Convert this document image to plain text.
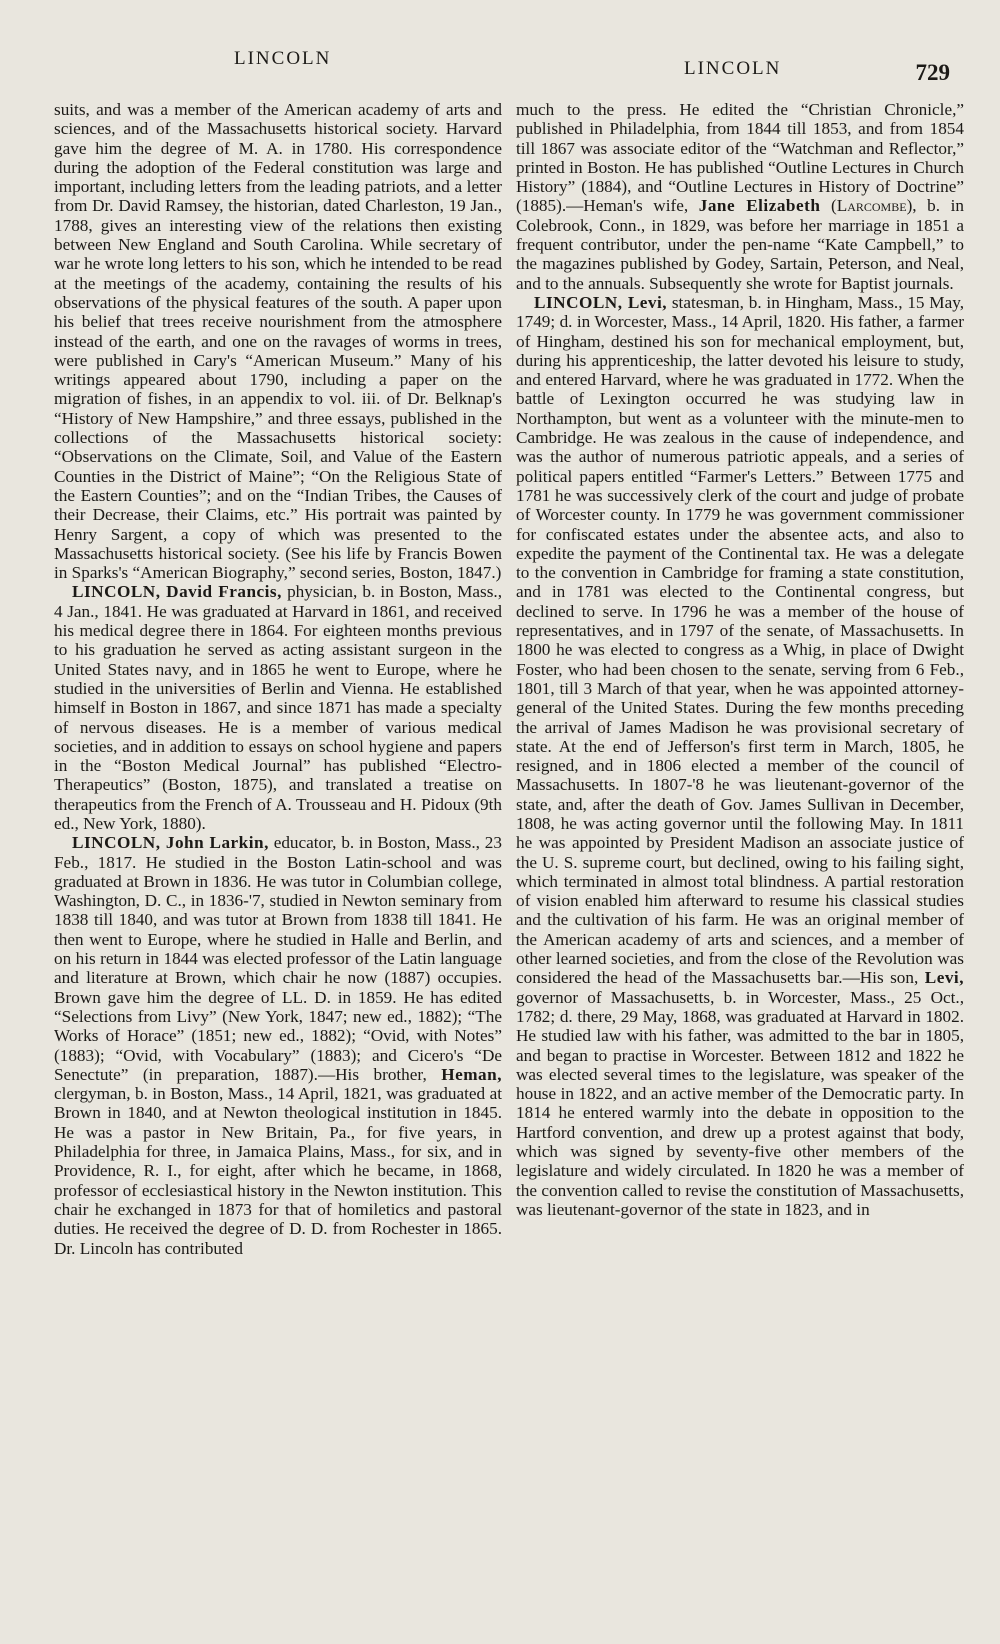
LINCOLN	LINCOLN	729

suits, and was a member of the American academy of arts and sciences, and of the Massachusetts historical society. Harvard gave him the degree of M. A. in 1780. His correspondence during the adoption of the Federal constitution was large and important, including letters from the leading patriots, and a letter from Dr. David Ramsey, the historian, dated Charleston, 19 Jan., 1788, gives an interesting view of the relations then existing between New England and South Carolina. While secretary of war he wrote long letters to his son, which he intended to be read at the meetings of the academy, containing the results of his observations of the physical features of the south. A paper upon his belief that trees receive nourishment from the atmosphere instead of the earth, and one on the ravages of worms in trees, were published in Cary's “American Museum.” Many of his writings appeared about 1790, including a paper on the migration of fishes, in an appendix to vol. iii. of Dr. Belknap's “History of New Hampshire,” and three essays, published in the collections of the Massachusetts historical society: “Observations on the Climate, Soil, and Value of the Eastern Counties in the District of Maine”; “On the Religious State of the Eastern Counties”; and on the “Indian Tribes, the Causes of their Decrease, their Claims, etc.” His portrait was painted by Henry Sargent, a copy of which was presented to the Massachusetts historical society. (See his life by Francis Bowen in Sparks's “American Biography,” second series, Boston, 1847.)

LINCOLN, David Francis, physician, b. in Boston, Mass., 4 Jan., 1841. He was graduated at Harvard in 1861, and received his medical degree there in 1864. For eighteen months previous to his graduation he served as acting assistant surgeon in the United States navy, and in 1865 he went to Europe, where he studied in the universities of Berlin and Vienna. He established himself in Boston in 1867, and since 1871 has made a specialty of nervous diseases. He is a member of various medical societies, and in addition to essays on school hygiene and papers in the “Boston Medical Journal” has published “Electro-Therapeutics” (Boston, 1875), and translated a treatise on therapeutics from the French of A. Trousseau and H. Pidoux (9th ed., New York, 1880).

LINCOLN, John Larkin, educator, b. in Boston, Mass., 23 Feb., 1817. He studied in the Boston Latin-school and was graduated at Brown in 1836. He was tutor in Columbian college, Washington, D. C., in 1836-'7, studied in Newton seminary from 1838 till 1840, and was tutor at Brown from 1838 till 1841. He then went to Europe, where he studied in Halle and Berlin, and on his return in 1844 was elected professor of the Latin language and literature at Brown, which chair he now (1887) occupies. Brown gave him the degree of LL. D. in 1859. He has edited “Selections from Livy” (New York, 1847; new ed., 1882); “The Works of Horace” (1851; new ed., 1882); “Ovid, with Notes” (1883); “Ovid, with Vocabulary” (1883); and Cicero's “De Senectute” (in preparation, 1887).—His brother, Heman, clergyman, b. in Boston, Mass., 14 April, 1821, was graduated at Brown in 1840, and at Newton theological institution in 1845. He was a pastor in New Britain, Pa., for five years, in Philadelphia for three, in Jamaica Plains, Mass., for six, and in Providence, R. I., for eight, after which he became, in 1868, professor of ecclesiastical history in the Newton institution. This chair he exchanged in 1873 for that of homiletics and pastoral duties. He received the degree of D. D. from Rochester in 1865. Dr. Lincoln has contributed

much to the press. He edited the “Christian Chronicle,” published in Philadelphia, from 1844 till 1853, and from 1854 till 1867 was associate editor of the “Watchman and Reflector,” printed in Boston. He has published “Outline Lectures in Church History” (1884), and “Outline Lectures in History of Doctrine” (1885).—Heman's wife, Jane Elizabeth (Larcombe), b. in Colebrook, Conn., in 1829, was before her marriage in 1851 a frequent contributor, under the pen-name “Kate Campbell,” to the magazines published by Godey, Sartain, Peterson, and Neal, and to the annuals. Subsequently she wrote for Baptist journals.

LINCOLN, Levi, statesman, b. in Hingham, Mass., 15 May, 1749; d. in Worcester, Mass., 14 April, 1820. His father, a farmer of Hingham, destined his son for mechanical employment, but, during his apprenticeship, the latter devoted his leisure to study, and entered Harvard, where he was graduated in 1772. When the battle of Lexington occurred he was studying law in Northampton, but went as a volunteer with the minute-men to Cambridge. He was zealous in the cause of independence, and was the author of numerous patriotic appeals, and a series of political papers entitled “Farmer's Letters.” Between 1775 and 1781 he was successively clerk of the court and judge of probate of Worcester county. In 1779 he was government commissioner for confiscated estates under the absentee acts, and also to expedite the payment of the Continental tax. He was a delegate to the convention in Cambridge for framing a state constitution, and in 1781 was elected to the Continental congress, but declined to serve. In 1796 he was a member of the house of representatives, and in 1797 of the senate, of Massachusetts. In 1800 he was elected to congress as a Whig, in place of Dwight Foster, who had been chosen to the senate, serving from 6 Feb., 1801, till 3 March of that year, when he was appointed attorney-general of the United States. During the few months preceding the arrival of James Madison he was provisional secretary of state. At the end of Jefferson's first term in March, 1805, he resigned, and in 1806 elected a member of the council of Massachusetts. In 1807-'8 he was lieutenant-governor of the state, and, after the death of Gov. James Sullivan in December, 1808, he was acting governor until the following May. In 1811 he was appointed by President Madison an associate justice of the U. S. supreme court, but declined, owing to his failing sight, which terminated in almost total blindness. A partial restoration of vision enabled him afterward to resume his classical studies and the cultivation of his farm. He was an original member of the American academy of arts and sciences, and a member of other learned societies, and from the close of the Revolution was considered the head of the Massachusetts bar.—His son, Levi, governor of Massachusetts, b. in Worcester, Mass., 25 Oct., 1782; d. there, 29 May, 1868, was graduated at Harvard in 1802. He studied law with his father, was admitted to the bar in 1805, and began to practise in Worcester. Between 1812 and 1822 he was elected several times to the legislature, was speaker of the house in 1822, and an active member of the Democratic party. In 1814 he entered warmly into the debate in opposition to the Hartford convention, and drew up a protest against that body, which was signed by seventy-five other members of the legislature and widely circulated. In 1820 he was a member of the convention called to revise the constitution of Massachusetts, was lieutenant-governor of the state in 1823, and in
